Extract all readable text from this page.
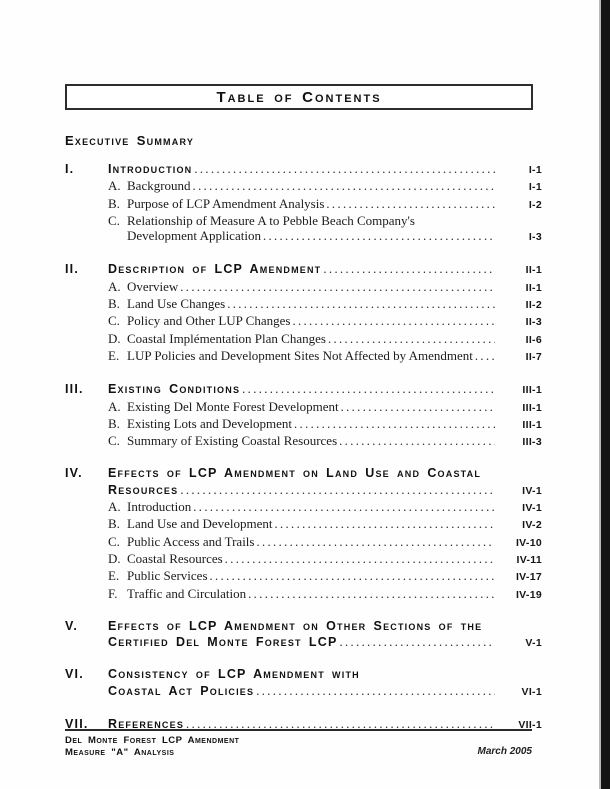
Table of Contents
Executive Summary
I.	Introduction .....	I-1
A. Background .....	I-1
B. Purpose of LCP Amendment Analysis .....	I-2
C. Relationship of Measure A to Pebble Beach Company's
Development Application .....	I-3
II.	Description of LCP Amendment .....	II-1
A. Overview .....	II-1
B. Land Use Changes .....	II-2
C. Policy and Other LUP Changes .....	II-3
D. Coastal Implémentation Plan Changes .....	II-6
E. LUP Policies and Development Sites Not Affected by Amendment .....	II-7
III.	Existing Conditions .....	III-1
A. Existing Del Monte Forest Development .....	III-1
B. Existing Lots and Development .....	III-1
C. Summary of Existing Coastal Resources .....	III-3
IV.	Effects of LCP Amendment on Land Use and Coastal
Resources .....	IV-1
A. Introduction .....	IV-1
B. Land Use and Development .....	IV-2
C. Public Access and Trails .....	IV-10
D. Coastal Resources .....	IV-11
E. Public Services .....	IV-17
F. Traffic and Circulation .....	IV-19
V.	Effects of LCP Amendment on Other Sections of the
Certified Del Monte Forest LCP .....	V-1
VI.	Consistency of LCP Amendment with
Coastal Act Policies .....	VI-1
VII.	References .....	VII-1
Del Monte Forest LCP Amendment
Measure "A" Analysis	March 2005
